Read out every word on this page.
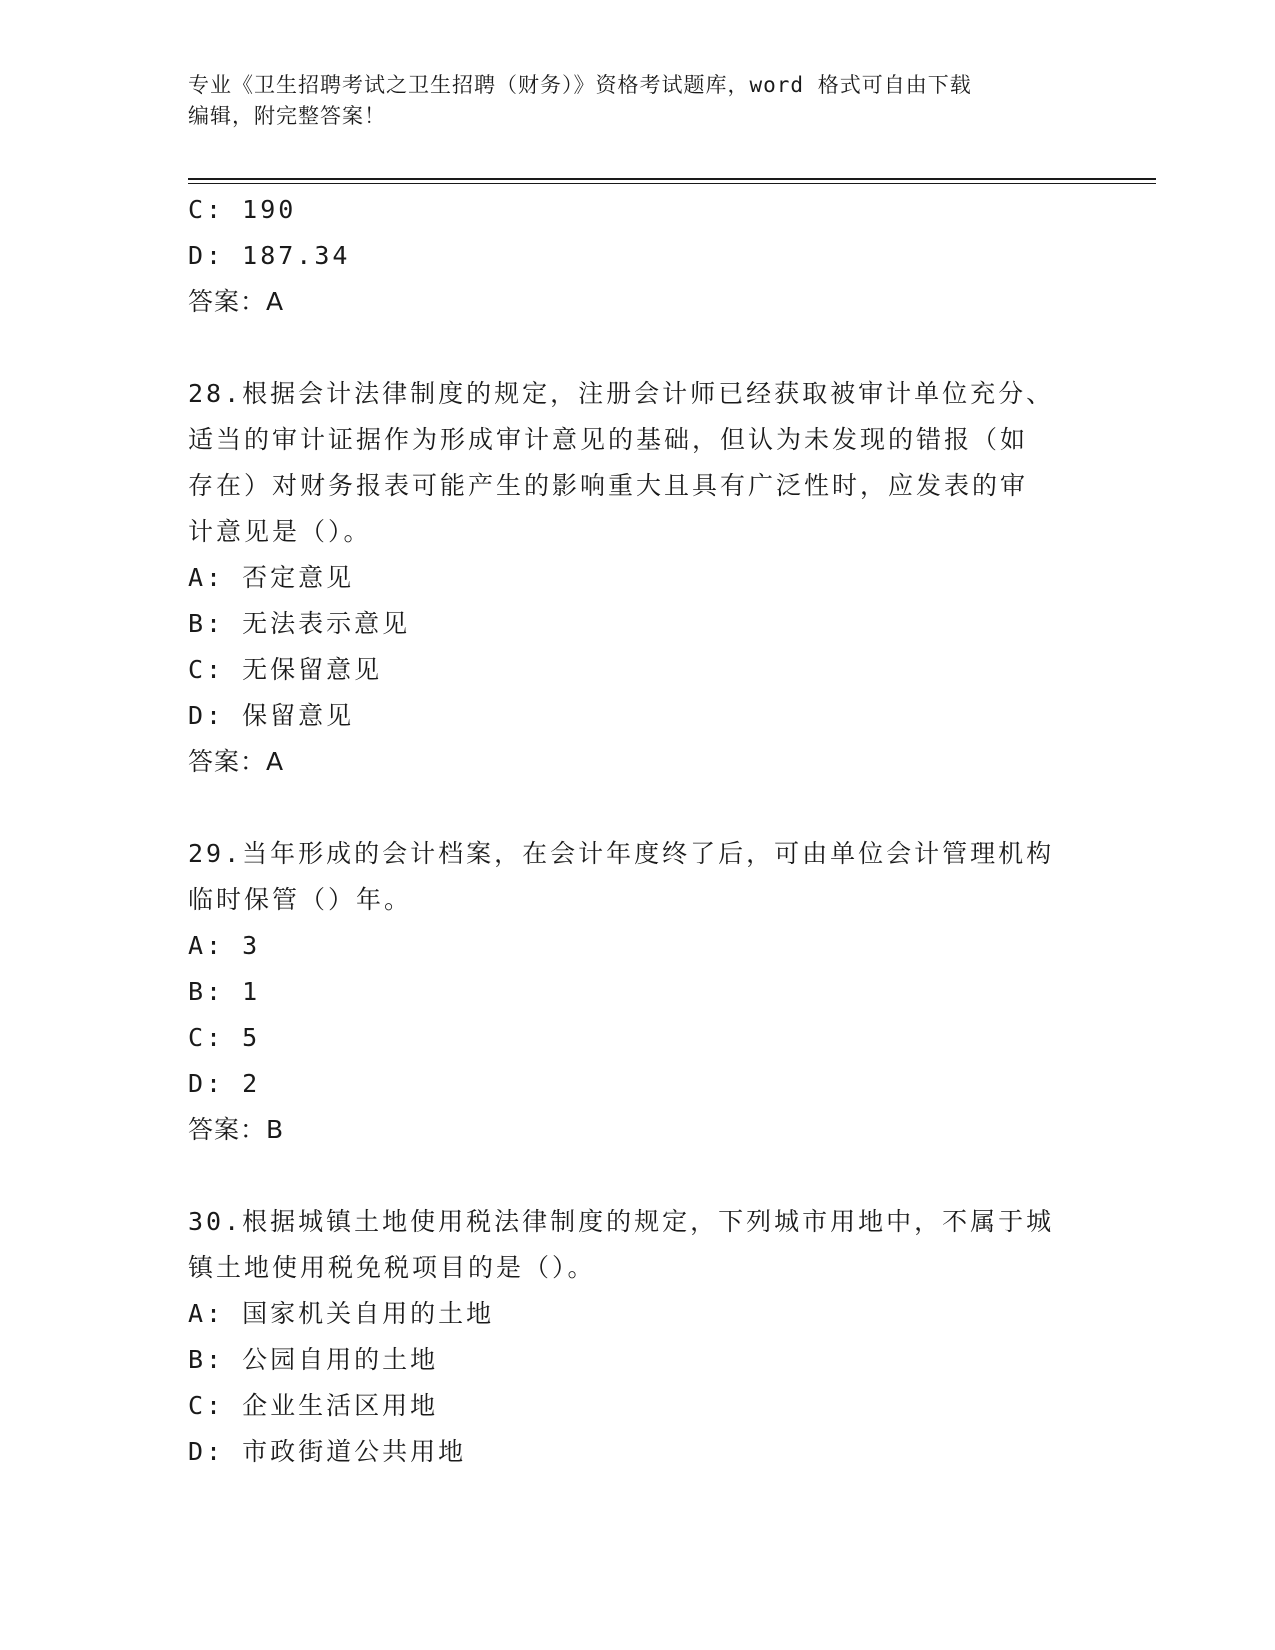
专业《卫生招聘考试之卫生招聘（财务）》资格考试题库，word 格式可自由下载
编辑，附完整答案！
C: 190
D: 187.34
答案：A
28.根据会计法律制度的规定，注册会计师已经获取被审计单位充分、
适当的审计证据作为形成审计意见的基础，但认为未发现的错报（如
存在）对财务报表可能产生的影响重大且具有广泛性时，应发表的审
计意见是（）。
A: 否定意见
B: 无法表示意见
C: 无保留意见
D: 保留意见
答案：A
29.当年形成的会计档案，在会计年度终了后，可由单位会计管理机构
临时保管（）年。
A: 3
B: 1
C: 5
D: 2
答案：B
30.根据城镇土地使用税法律制度的规定，下列城市用地中，不属于城
镇土地使用税免税项目的是（）。
A: 国家机关自用的土地
B: 公园自用的土地
C: 企业生活区用地
D: 市政街道公共用地
